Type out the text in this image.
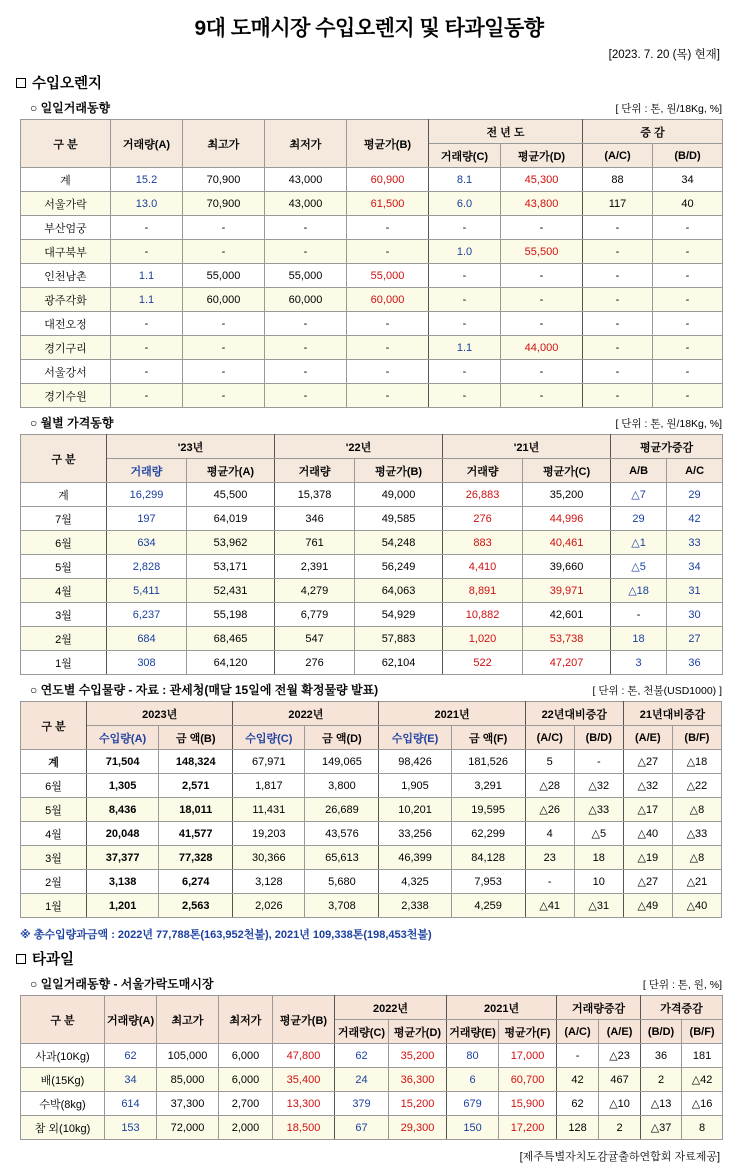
9대 도매시장 수입오렌지 및 타과일동향
[2023. 7. 20 (목) 현재]
수입오렌지
○ 일일거래동향	[ 단위 : 톤, 원/18Kg, %]
구 분	거래량(A)	최고가	최저가	평균가(B)	전 년 도		증 감	
					거래량(C)	평균가(D)	(A/C)	(B/D)
계	15.2	70,900	43,000	60,900	8.1	45,300	88	34
서울가락	13.0	70,900	43,000	61,500	6.0	43,800	117	40
부산엄궁	-	-	-	-	-	-	-	-
대구북부	-	-	-	-	1.0	55,500	-	-
인천남촌	1.1	55,000	55,000	55,000	-	-	-	-
광주각화	1.1	60,000	60,000	60,000	-	-	-	-
대전오정	-	-	-	-	-	-	-	-
경기구리	-	-	-	-	1.1	44,000	-	-
서울강서	-	-	-	-	-	-	-	-
경기수원	-	-	-	-	-	-	-	-
○ 월별 가격동향	[ 단위 : 톤, 원/18Kg, %]
구 분	'23년		'22년		'21년		평균가증감	
	거래량	평균가(A)	거래량	평균가(B)	거래량	평균가(C)	A/B	A/C
계	16,299	45,500	15,378	49,000	26,883	35,200	△7	29
7월	197	64,019	346	49,585	276	44,996	29	42
6월	634	53,962	761	54,248	883	40,461	△1	33
5월	2,828	53,171	2,391	56,249	4,410	39,660	△5	34
4월	5,411	52,431	4,279	64,063	8,891	39,971	△18	31
3월	6,237	55,198	6,779	54,929	10,882	42,601	-	30
2월	684	68,465	547	57,883	1,020	53,738	18	27
1월	308	64,120	276	62,104	522	47,207	3	36
○ 연도별 수입물량 - 자료 : 관세청(매달 15일에 전월 확정물량 발표)	[ 단위 : 톤, 천불(USD1000) ]
구 분	2023년		2022년		2021년		22년대비증감		21년대비증감	
	수입량(A)	금 액(B)	수입량(C)	금 액(D)	수입량(E)	금 액(F)	(A/C)	(B/D)	(A/E)	(B/F)
계	71,504	148,324	67,971	149,065	98,426	181,526	5	-	△27	△18
6월	1,305	2,571	1,817	3,800	1,905	3,291	△28	△32	△32	△22
5월	8,436	18,011	11,431	26,689	10,201	19,595	△26	△33	△17	△8
4월	20,048	41,577	19,203	43,576	33,256	62,299	4	△5	△40	△33
3월	37,377	77,328	30,366	65,613	46,399	84,128	23	18	△19	△8
2월	3,138	6,274	3,128	5,680	4,325	7,953	-	10	△27	△21
1월	1,201	2,563	2,026	3,708	2,338	4,259	△41	△31	△49	△40
※ 총수입량과금액 : 2022년 77,788톤(163,952천불), 2021년 109,338톤(198,453천불)
타과일
○ 일일거래동향 - 서울가락도매시장	[ 단위 : 톤, 원, %]
구 분	거래량(A)	최고가	최저가	평균가(B)	2022년		2021년		거래량증감		가격증감	
					거래량(C)	평균가(D)	거래량(E)	평균가(F)	(A/C)	(A/E)	(B/D)	(B/F)
사과(10Kg)	62	105,000	6,000	47,800	62	35,200	80	17,000	-	△23	36	181
배(15Kg)	34	85,000	6,000	35,400	24	36,300	6	60,700	42	467	2	△42
수박(8kg)	614	37,300	2,700	13,300	379	15,200	679	15,900	62	△10	△13	△16
참 외(10kg)	153	72,000	2,000	18,500	67	29,300	150	17,200	128	2	△37	8
[제주특별자치도감귤출하연합회 자료제공]
